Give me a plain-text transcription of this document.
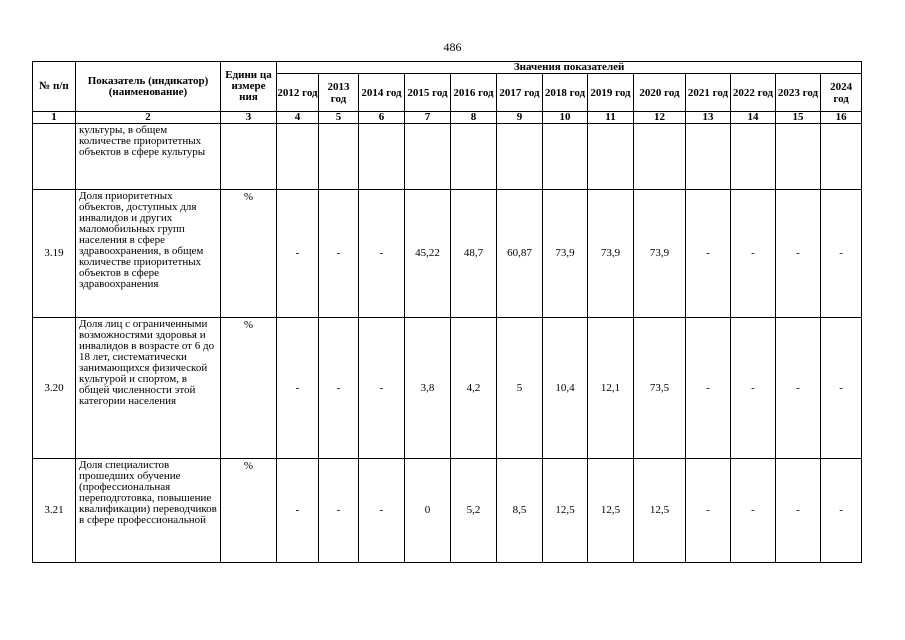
486
№ п/п	Показатель (индикатор) (наименование)	Едини ца измере ния	Значения показателей												
			2012 год	2013 год	2014 год	2015 год	2016 год	2017 год	2018 год	2019 год	2020 год	2021 год	2022 год	2023 год	2024 год
1	2	3	4	5	6	7	8	9	10	11	12	13	14	15	16
	культуры, в общем количестве приоритетных объектов в сфере культуры														
3.19	Доля приоритетных объектов, доступных для инвалидов и других маломобильных групп населения в сфере здравоохранения, в общем количестве приоритетных объектов в сфере здравоохранения	%	-	-	-	45,22	48,7	60,87	73,9	73,9	73,9	-	-	-	-
3.20	Доля лиц с ограниченными возможностями здоровья и инвалидов в возрасте от 6 до 18 лет, систематически занимающихся физической культурой и спортом, в общей численности этой категории населения	%	-	-	-	3,8	4,2	5	10,4	12,1	73,5	-	-	-	-
3.21	Доля специалистов прошедших обучение (профессиональная переподготовка, повышение квалификации) переводчиков в сфере профессиональной	%	-	-	-	0	5,2	8,5	12,5	12,5	12,5	-	-	-	-
